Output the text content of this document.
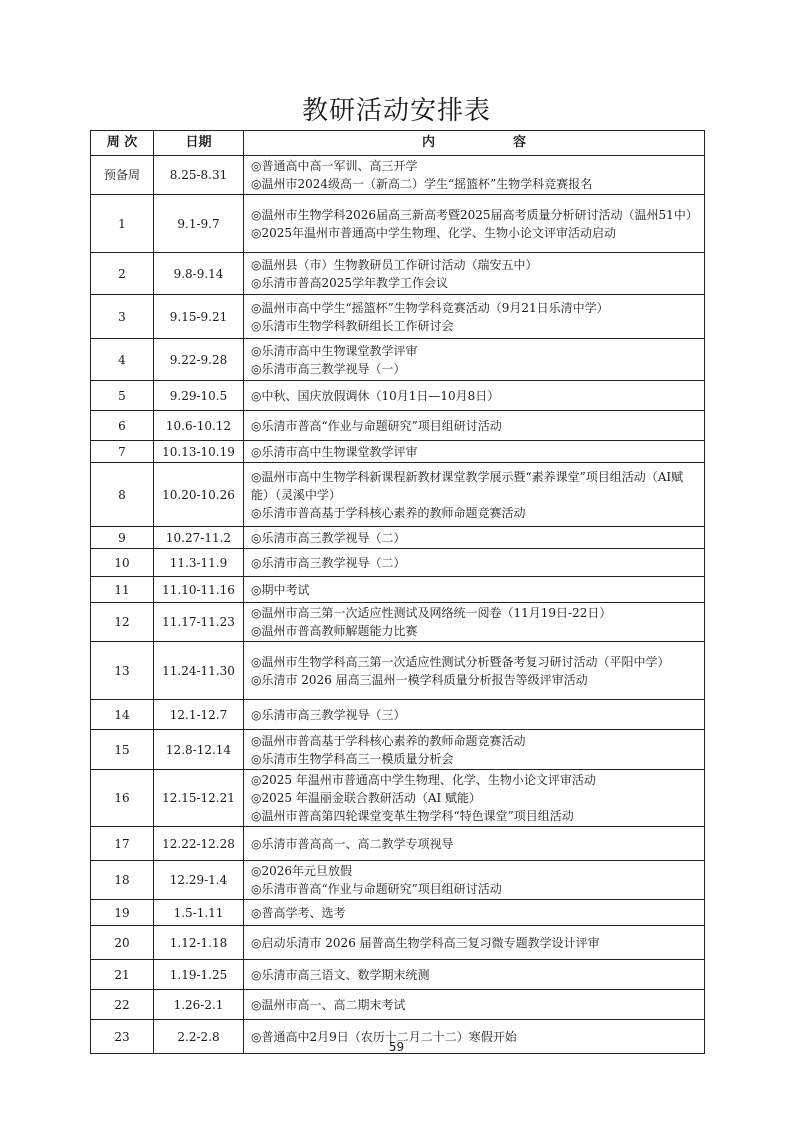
教研活动安排表
周 次	日期	内　　　　　　容
预备周	8.25-8.31	◎普通高中高一军训、高三开学
◎温州市2024级高一（新高二）学生“摇篮杯”生物学科竞赛报名

1	9.1-9.7	◎温州市生物学科2026届高三新高考暨2025届高考质量分析研讨活动（温州51中）
◎2025年温州市普通高中学生物理、化学、生物小论文评审活动启动

2	9.8-9.14	◎温州县（市）生物教研员工作研讨活动（瑞安五中）
◎乐清市普高2025学年教学工作会议

3	9.15-9.21	◎温州市高中学生“摇篮杯”生物学科竞赛活动（9月21日乐清中学）
◎乐清市生物学科教研组长工作研讨会

4	9.22-9.28	◎乐清市高中生物课堂教学评审
◎乐清市高三教学视导（一）

5	9.29-10.5	◎中秋、国庆放假调休（10月1日—10月8日）

6	10.6-10.12	◎乐清市普高“作业与命题研究”项目组研讨活动

7	10.13-10.19	◎乐清市高中生物课堂教学评审

8	10.20-10.26	◎温州市高中生物学科新课程新教材课堂教学展示暨“素养课堂”项目组活动（AI赋能）（灵溪中学）
◎乐清市普高基于学科核心素养的教师命题竞赛活动

9	10.27-11.2	◎乐清市高三教学视导（二）

10	11.3-11.9	◎乐清市高三教学视导（二）

11	11.10-11.16	◎期中考试

12	11.17-11.23	◎温州市高三第一次适应性测试及网络统一阅卷（11月19日-22日）
◎温州市普高教师解题能力比赛

13	11.24-11.30	◎温州市生物学科高三第一次适应性测试分析暨备考复习研讨活动（平阳中学）
◎乐清市 2026 届高三温州一模学科质量分析报告等级评审活动

14	12.1-12.7	◎乐清市高三教学视导（三）

15	12.8-12.14	◎温州市普高基于学科核心素养的教师命题竞赛活动
◎乐清市生物学科高三一模质量分析会

16	12.15-12.21	◎2025 年温州市普通高中学生物理、化学、生物小论文评审活动
◎2025 年温丽金联合教研活动（AI 赋能）
◎温州市普高第四轮课堂变革生物学科“特色课堂”项目组活动

17	12.22-12.28	◎乐清市普高高一、高二教学专项视导

18	12.29-1.4	◎2026年元旦放假
◎乐清市普高“作业与命题研究”项目组研讨活动

19	1.5-1.11	◎普高学考、选考

20	1.12-1.18	◎启动乐清市 2026 届普高生物学科高三复习微专题教学设计评审

21	1.19-1.25	◎乐清市高三语文、数学期末统测

22	1.26-2.1	◎温州市高一、高二期末考试

23	2.2-2.8	◎普通高中2月9日（农历十二月二十二）寒假开始
59
